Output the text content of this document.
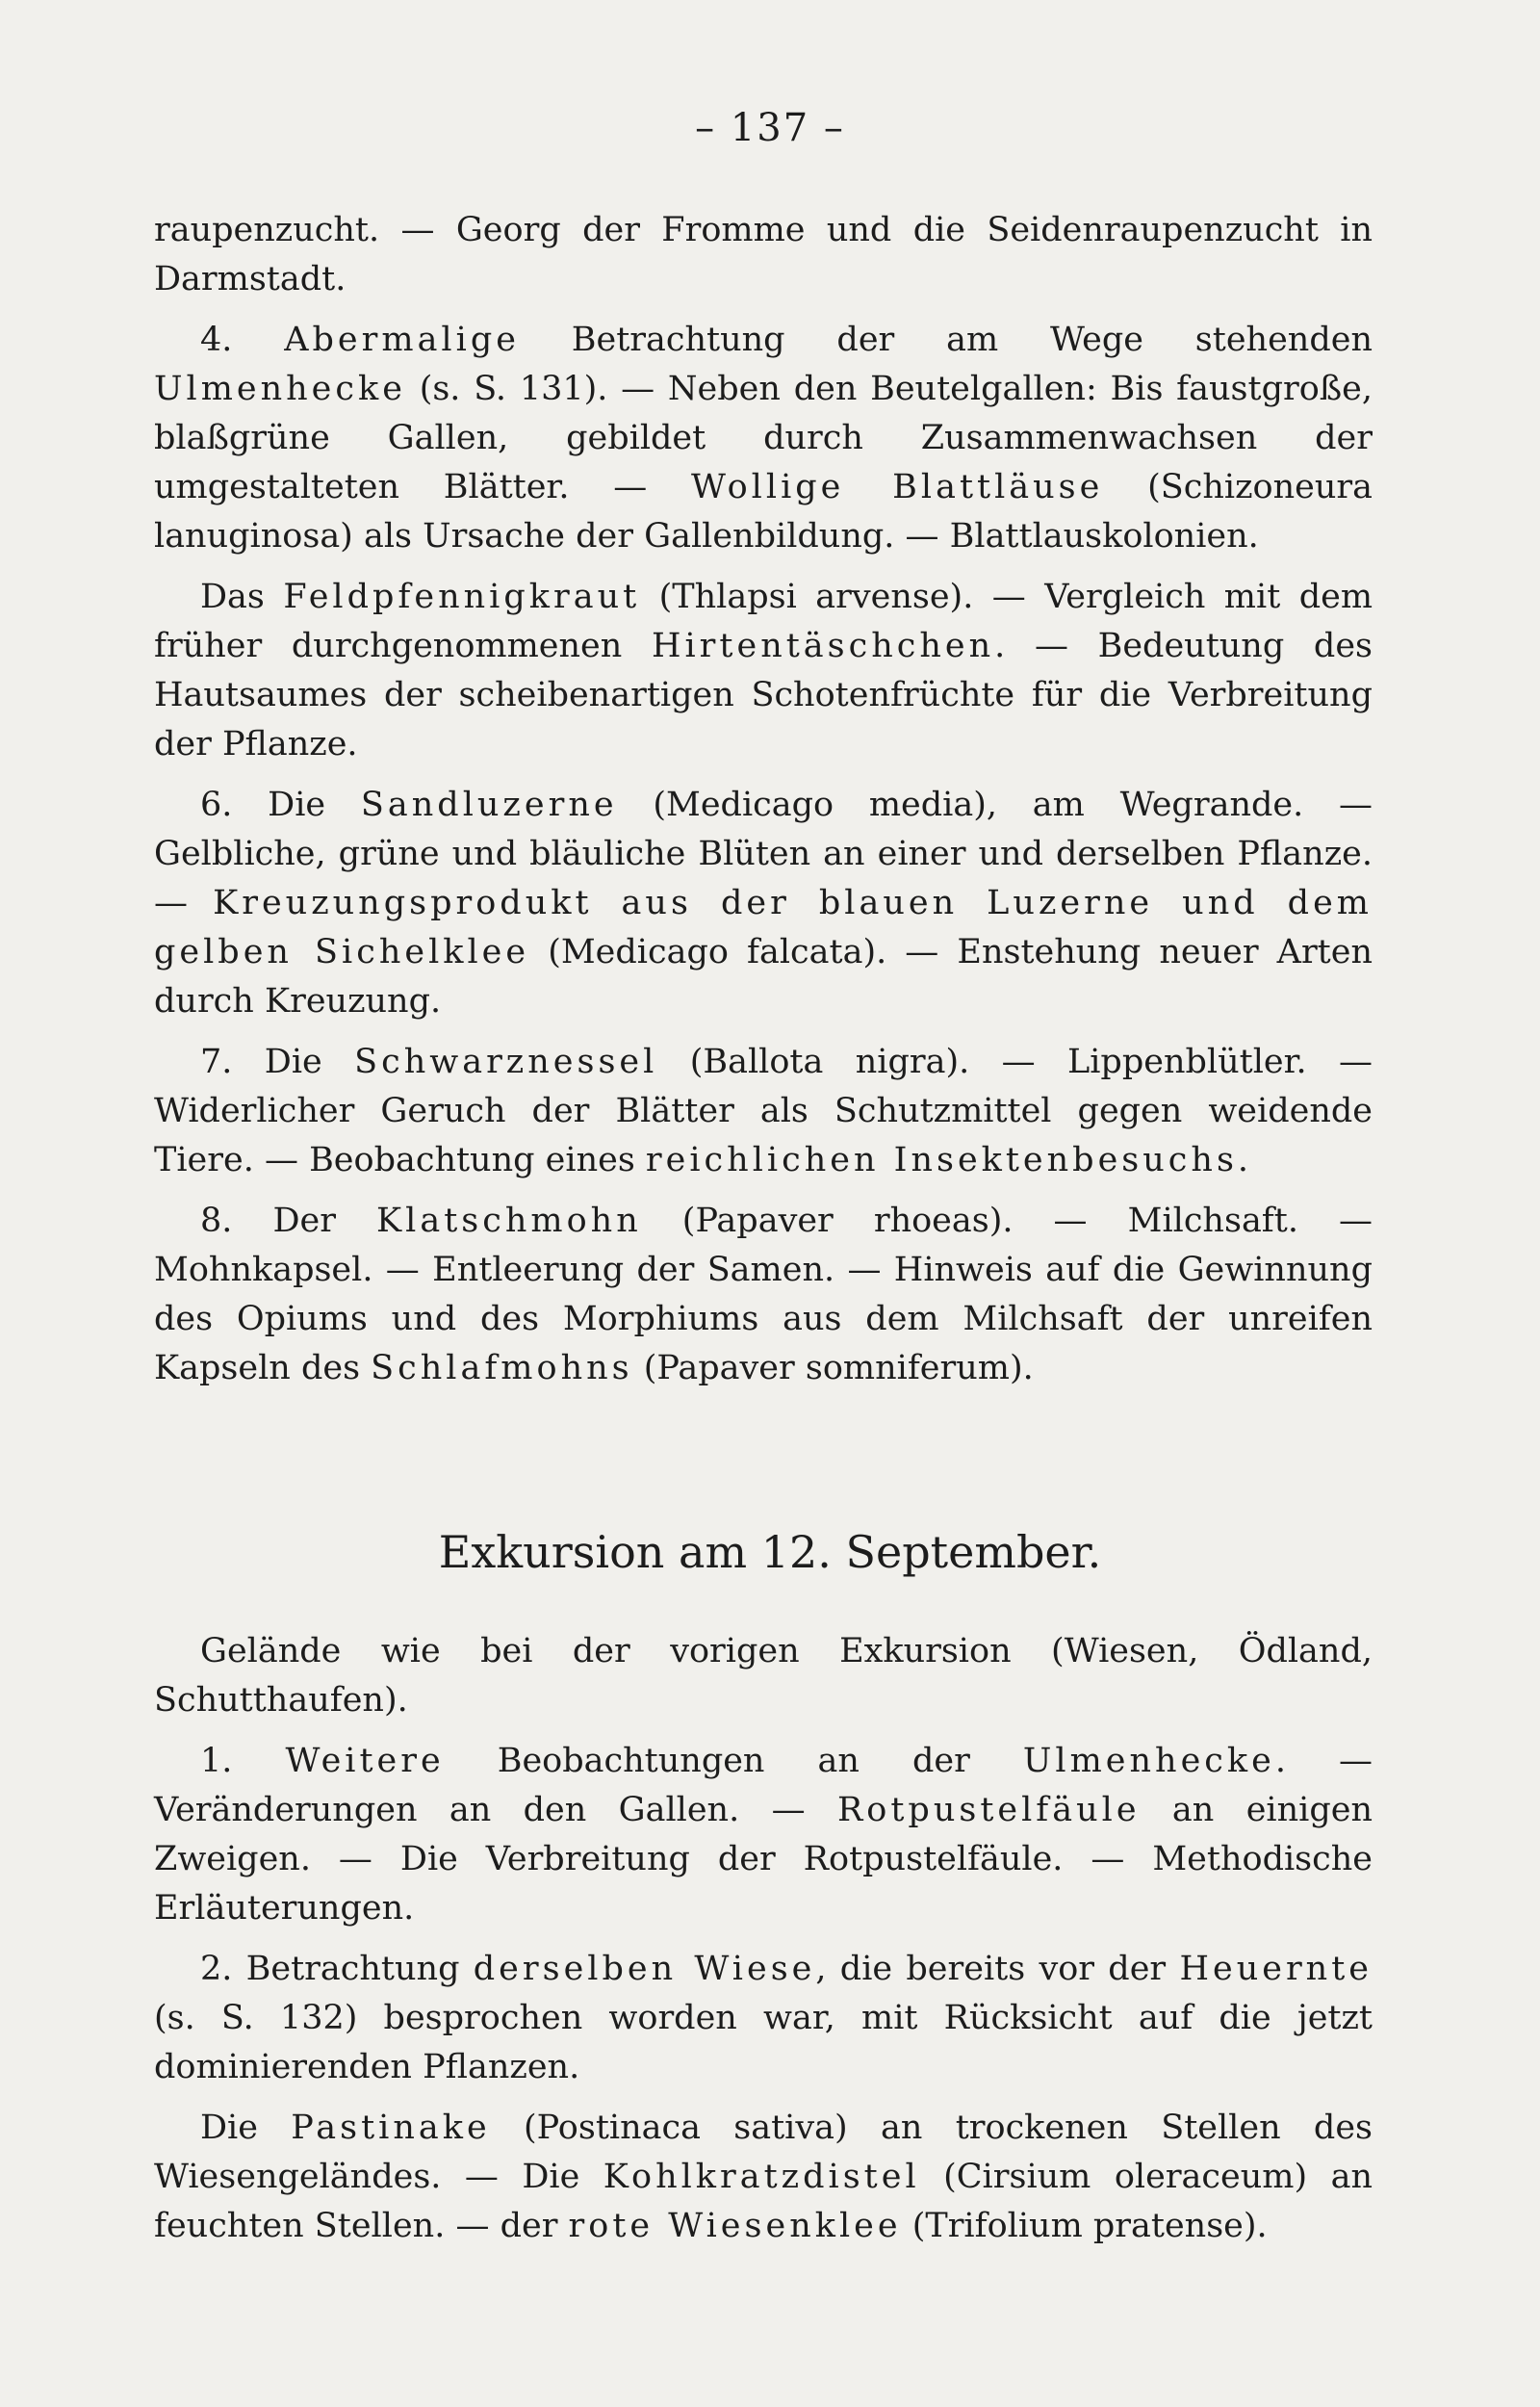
– 137 –

raupenzucht. — Georg der Fromme und die Seidenraupenzucht in Darmstadt.

4. Abermalige Betrachtung der am Wege stehenden Ulmenhecke (s. S. 131). — Neben den Beutelgallen: Bis faustgroße, blaßgrüne Gallen, gebildet durch Zusammenwachsen der umgestalteten Blätter. — Wollige Blattläuse (Schizoneura lanuginosa) als Ursache der Gallenbildung. — Blattlauskolonien.

Das Feldpfennigkraut (Thlapsi arvense). — Vergleich mit dem früher durchgenommenen Hirtentäschchen. — Bedeutung des Hautsaumes der scheibenartigen Schotenfrüchte für die Verbreitung der Pflanze.

6. Die Sandluzerne (Medicago media), am Wegrande. — Gelbliche, grüne und bläuliche Blüten an einer und derselben Pflanze. — Kreuzungsprodukt aus der blauen Luzerne und dem gelben Sichelklee (Medicago falcata). — Enstehung neuer Arten durch Kreuzung.

7. Die Schwarznessel (Ballota nigra). — Lippenblütler. — Widerlicher Geruch der Blätter als Schutzmittel gegen weidende Tiere. — Beobachtung eines reichlichen Insektenbesuchs.

8. Der Klatschmohn (Papaver rhoeas). — Milchsaft. — Mohnkapsel. — Entleerung der Samen. — Hinweis auf die Gewinnung des Opiums und des Morphiums aus dem Milchsaft der unreifen Kapseln des Schlafmohns (Papaver somniferum).

Exkursion am 12. September.

Gelände wie bei der vorigen Exkursion (Wiesen, Ödland, Schutthaufen).

1. Weitere Beobachtungen an der Ulmenhecke. — Veränderungen an den Gallen. — Rotpustelfäule an einigen Zweigen. — Die Verbreitung der Rotpustelfäule. — Methodische Erläuterungen.

2. Betrachtung derselben Wiese, die bereits vor der Heuernte (s. S. 132) besprochen worden war, mit Rücksicht auf die jetzt dominierenden Pflanzen.

Die Pastinake (Postinaca sativa) an trockenen Stellen des Wiesengeländes. — Die Kohlkratzdistel (Cirsium oleraceum) an feuchten Stellen. — der rote Wiesenklee (Trifolium pratense).
